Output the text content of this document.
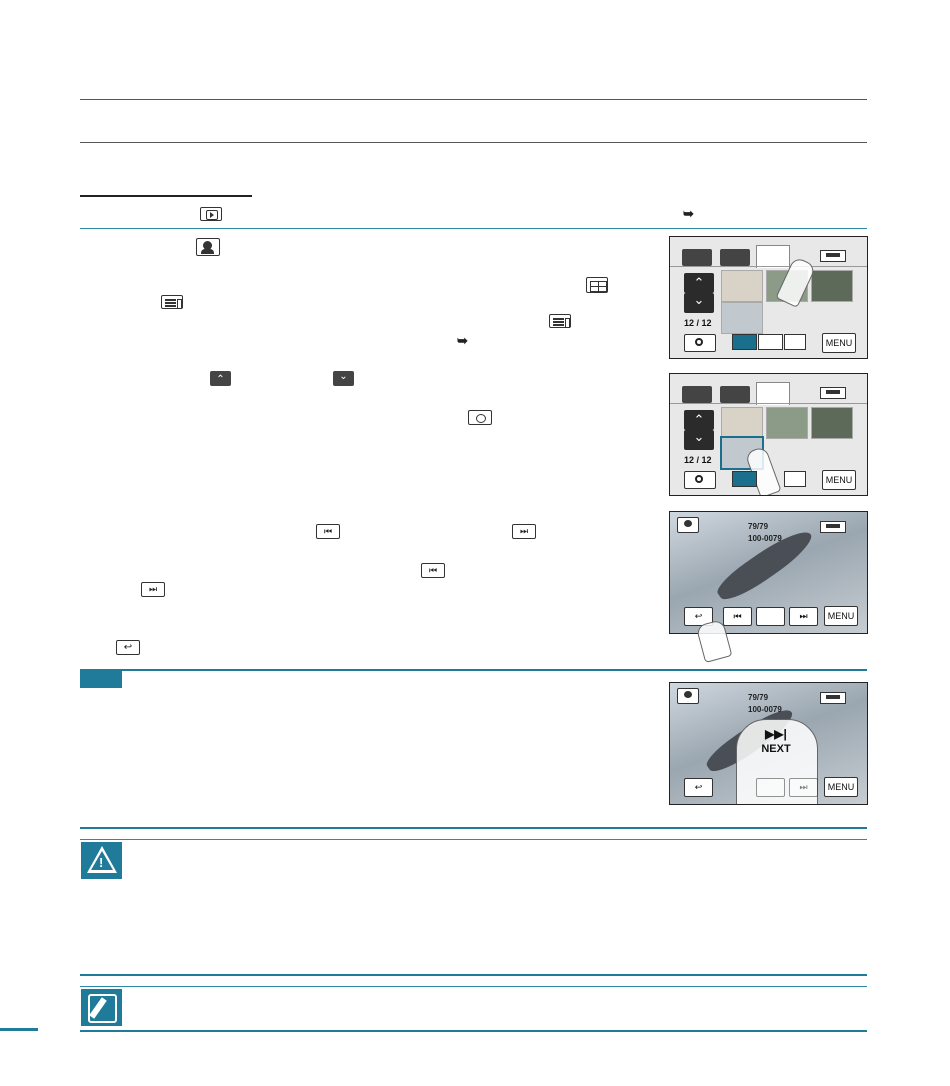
➥
➥
⌃	⌄
⏮	⏭
⏮
⏭
↩
⌃
⌄
12 / 12
MENU
⌃
⌄
12 / 12
MENU
79/79
100-0079
↩	⏮	⏭	MENU
79/79
100-0079
▶▶|
NEXT
↩	⏭	MENU
!
